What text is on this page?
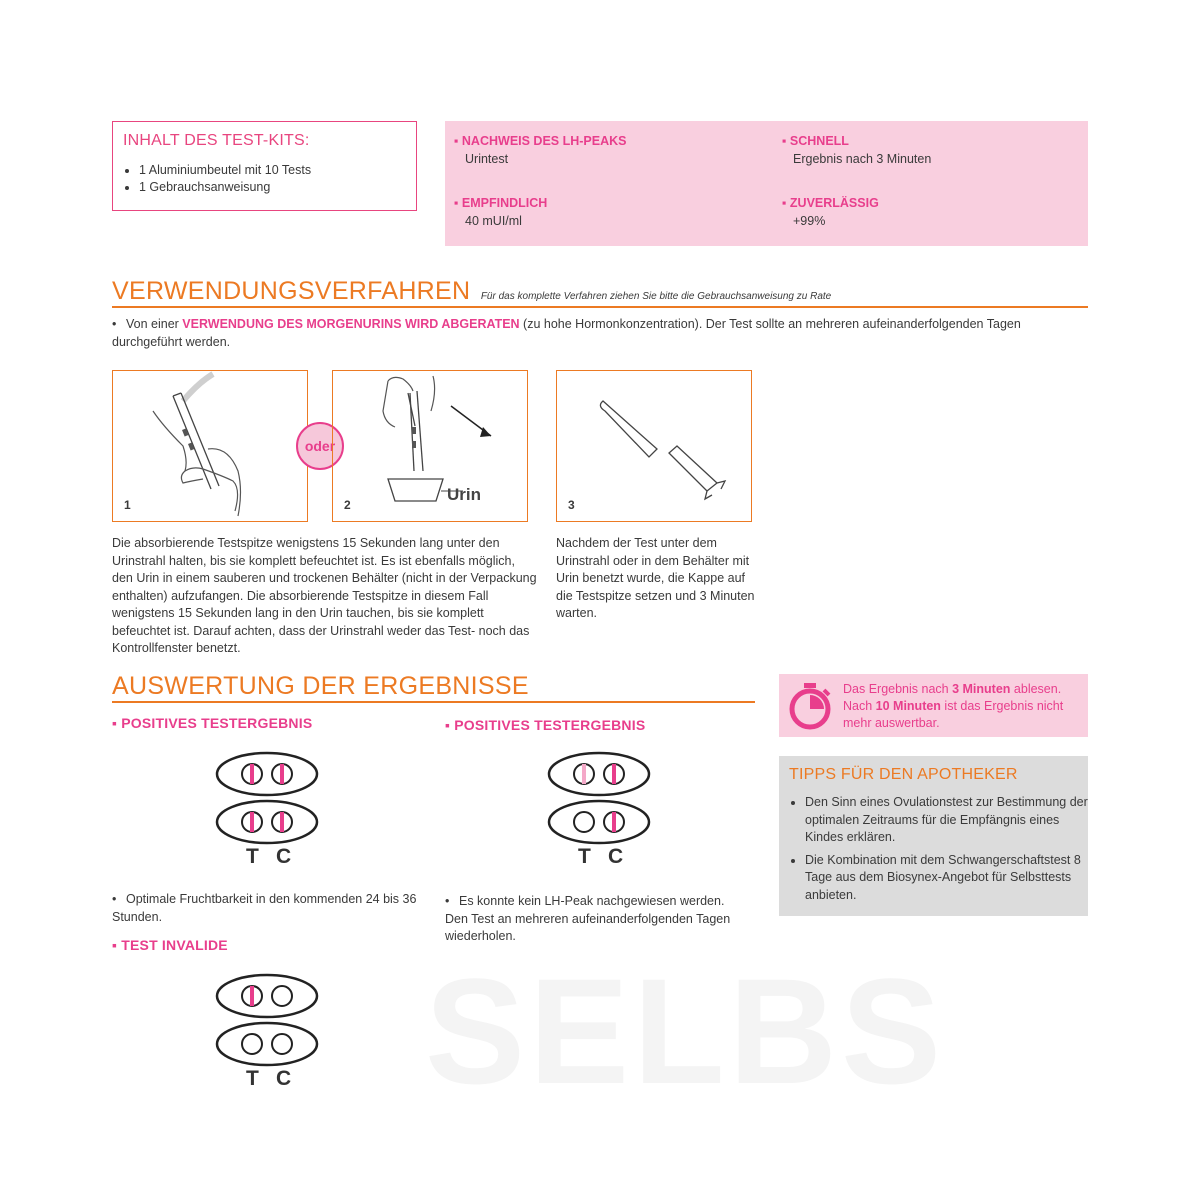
SELBS
INHALT DES TEST-KITS:
• 1 Aluminiumbeutel mit 10 Tests
• 1 Gebrauchsanweisung
▪ NACHWEIS DES LH-PEAKS
Urintest
▪ SCHNELL
Ergebnis nach 3 Minuten
▪ EMPFINDLICH
40 mUI/ml
▪ ZUVERLÄSSIG
+99%
VERWENDUNGSVERFAHREN Für das komplette Verfahren ziehen Sie bitte die Gebrauchsanweisung zu Rate
• Von einer VERWENDUNG DES MORGENURINS WIRD ABGERATEN (zu hohe Hormonkonzentration). Der Test sollte an mehreren aufeinanderfolgenden Tagen durchgeführt werden.
1
oder
Urin
2	3
Die absorbierende Testspitze wenigstens 15 Sekunden lang unter den Urinstrahl halten, bis sie komplett befeuchtet ist. Es ist ebenfalls möglich, den Urin in einem sauberen und trockenen Behälter (nicht in der Verpackung enthalten) aufzufangen. Die absorbierende Testspitze in diesem Fall wenigstens 15 Sekunden lang in den Urin tauchen, bis sie komplett befeuchtet ist. Darauf achten, dass der Urinstrahl weder das Test- noch das Kontrollfenster benetzt.
Nachdem der Test unter dem Urinstrahl oder in dem Behälter mit Urin benetzt wurde, die Kappe auf die Testspitze setzen und 3 Minuten warten.
AUSWERTUNG DER ERGEBNISSE
▪ POSITIVES TESTERGEBNIS	▪ POSITIVES TESTERGEBNIS
T C	T C
• Optimale Fruchtbarkeit in den kommenden 24 bis 36 Stunden.
• Es konnte kein LH-Peak nachgewiesen werden. Den Test an mehreren aufeinanderfolgenden Tagen wiederholen.
▪ TEST INVALIDE
T C
Das Ergebnis nach 3 Minuten ablesen. Nach 10 Minuten ist das Ergebnis nicht mehr auswertbar.
TIPPS FÜR DEN APOTHEKER
• Den Sinn eines Ovulationstest zur Bestimmung der optimalen Zeitraums für die Empfängnis eines Kindes erklären.
• Die Kombination mit dem Schwangerschaftstest 8 Tage aus dem Biosynex-Angebot für Selbsttests anbieten.
